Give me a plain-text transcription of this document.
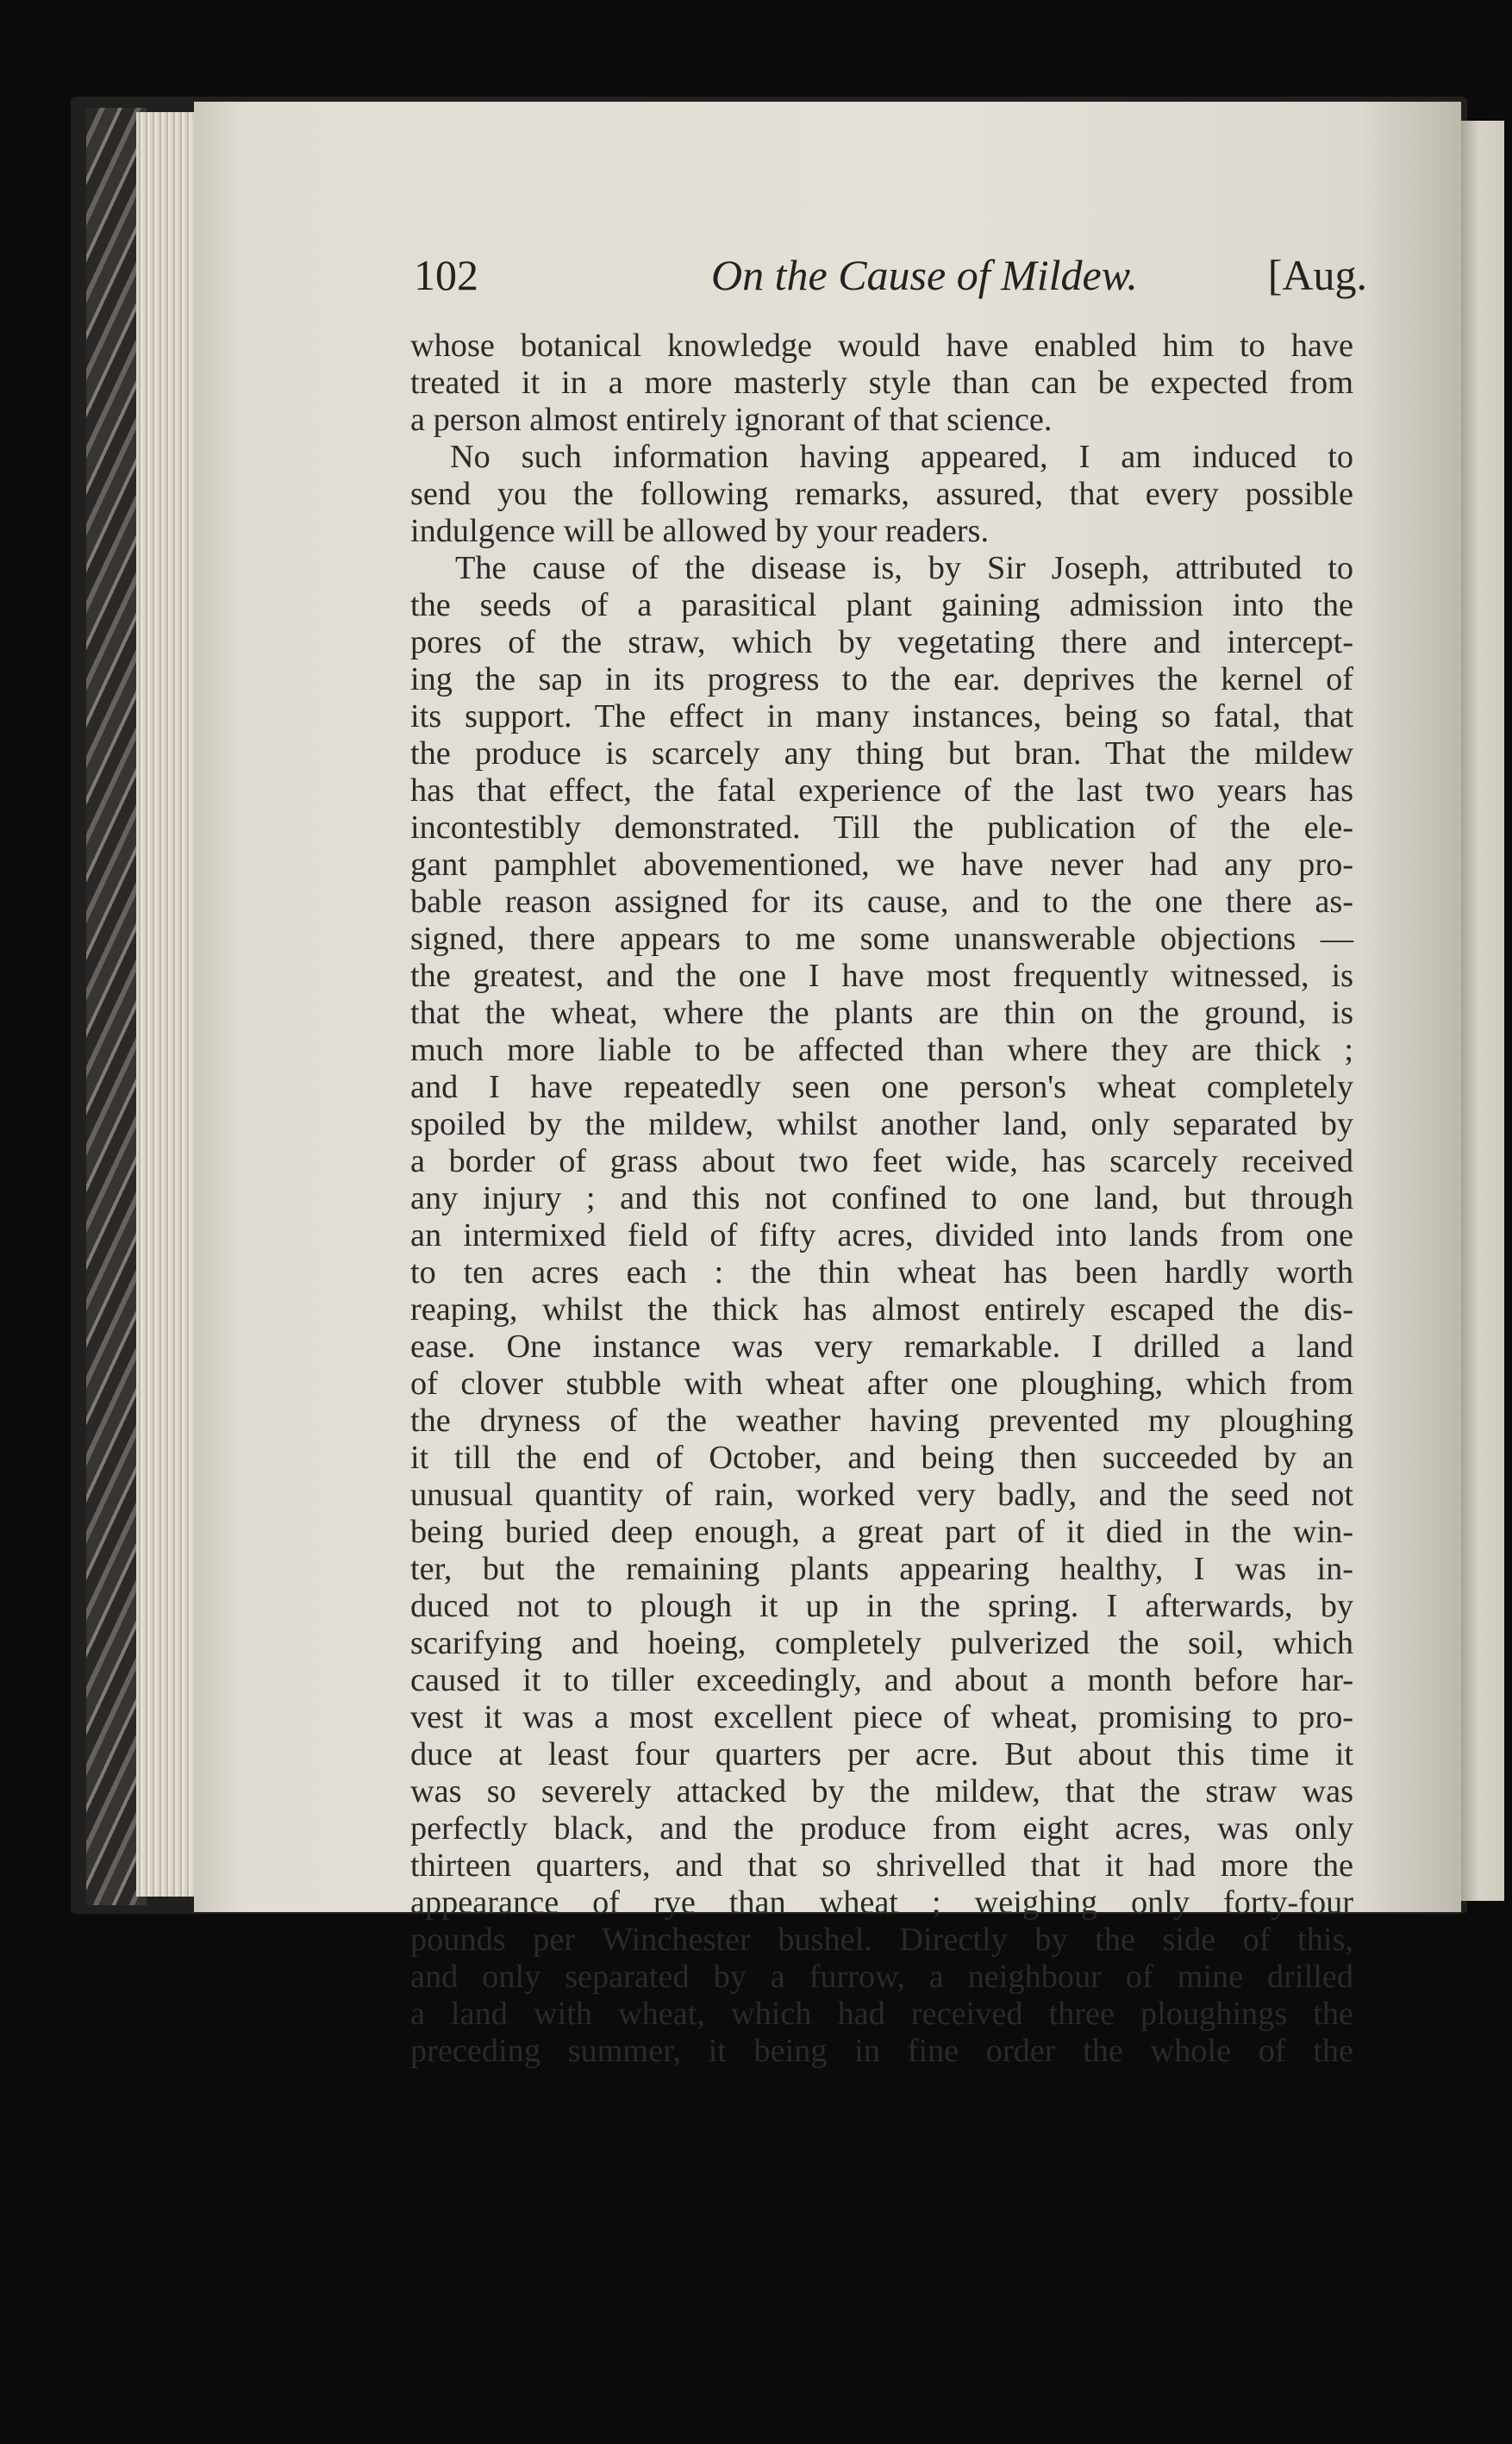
102	On the Cause of Mildew.	[Aug.
whose botanical knowledge would have enabled him to have
treated it in a more masterly style than can be expected from
a person almost entirely ignorant of that science.
No such information having appeared, I am induced to
send you the following remarks, assured, that every possible
indulgence will be allowed by your readers.
The cause of the disease is, by Sir Joseph, attributed to
the seeds of a parasitical plant gaining admission into the
pores of the straw, which by vegetating there and intercept-
ing the sap in its progress to the ear. deprives the kernel of
its support. The effect in many instances, being so fatal, that
the produce is scarcely any thing but bran. That the mildew
has that effect, the fatal experience of the last two years has
incontestibly demonstrated. Till the publication of the ele-
gant pamphlet abovementioned, we have never had any pro-
bable reason assigned for its cause, and to the one there as-
signed, there appears to me some unanswerable objections —
the greatest, and the one I have most frequently witnessed, is
that the wheat, where the plants are thin on the ground, is
much more liable to be affected than where they are thick ;
and I have repeatedly seen one person's wheat completely
spoiled by the mildew, whilst another land, only separated by
a border of grass about two feet wide, has scarcely received
any injury ; and this not confined to one land, but through
an intermixed field of fifty acres, divided into lands from one
to ten acres each : the thin wheat has been hardly worth
reaping, whilst the thick has almost entirely escaped the dis-
ease. One instance was very remarkable. I drilled a land
of clover stubble with wheat after one ploughing, which from
the dryness of the weather having prevented my ploughing
it till the end of October, and being then succeeded by an
unusual quantity of rain, worked very badly, and the seed not
being buried deep enough, a great part of it died in the win-
ter, but the remaining plants appearing healthy, I was in-
duced not to plough it up in the spring. I afterwards, by
scarifying and hoeing, completely pulverized the soil, which
caused it to tiller exceedingly, and about a month before har-
vest it was a most excellent piece of wheat, promising to pro-
duce at least four quarters per acre. But about this time it
was so severely attacked by the mildew, that the straw was
perfectly black, and the produce from eight acres, was only
thirteen quarters, and that so shrivelled that it had more the
appearance of rye than wheat ; weighing only forty-four
pounds per Winchester bushel. Directly by the side of this,
and only separated by a furrow, a neighbour of mine drilled
a land with wheat, which had received three ploughings the
preceding summer, it being in fine order the whole of the
